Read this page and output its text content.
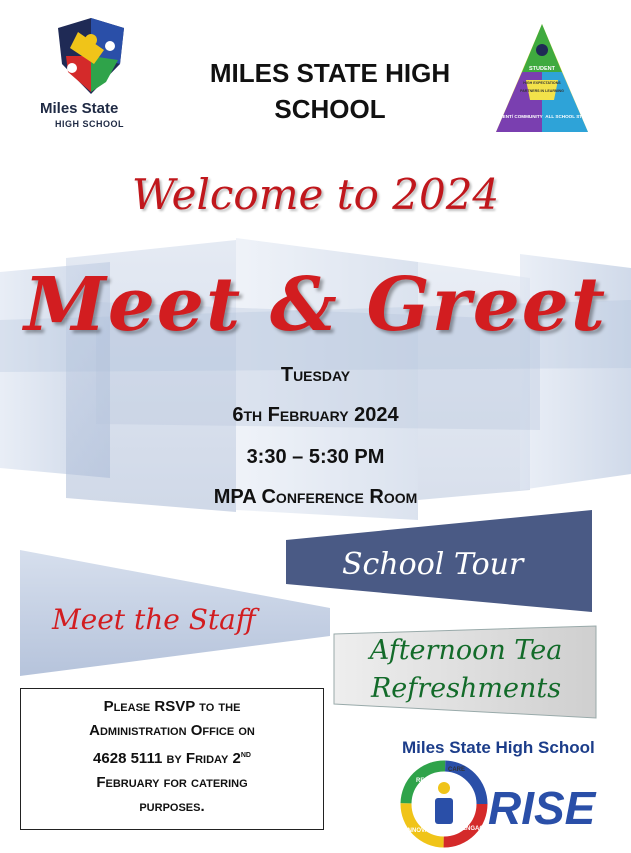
Miles State
HIGH SCHOOL
MILES STATE HIGH
SCHOOL
STUDENT
HIGH EXPECTATIONS
PARTNERS IN LEARNING
PARENT/ COMMUNITY ALL SCHOOL STAFF
Welcome to 2024
Meet & Greet
Tuesday
6th February 2024
3:30 – 5:30 PM
MPA Conference Room
School Tour
Meet the Staff
Afternoon Tea
Refreshments
Please RSVP to the
Administration Office on
4628 5111 by Friday 2nd
February for catering
purposes.
Miles State High School
RESPECT
CARE
ENGAGE
INNOVATE RISE
